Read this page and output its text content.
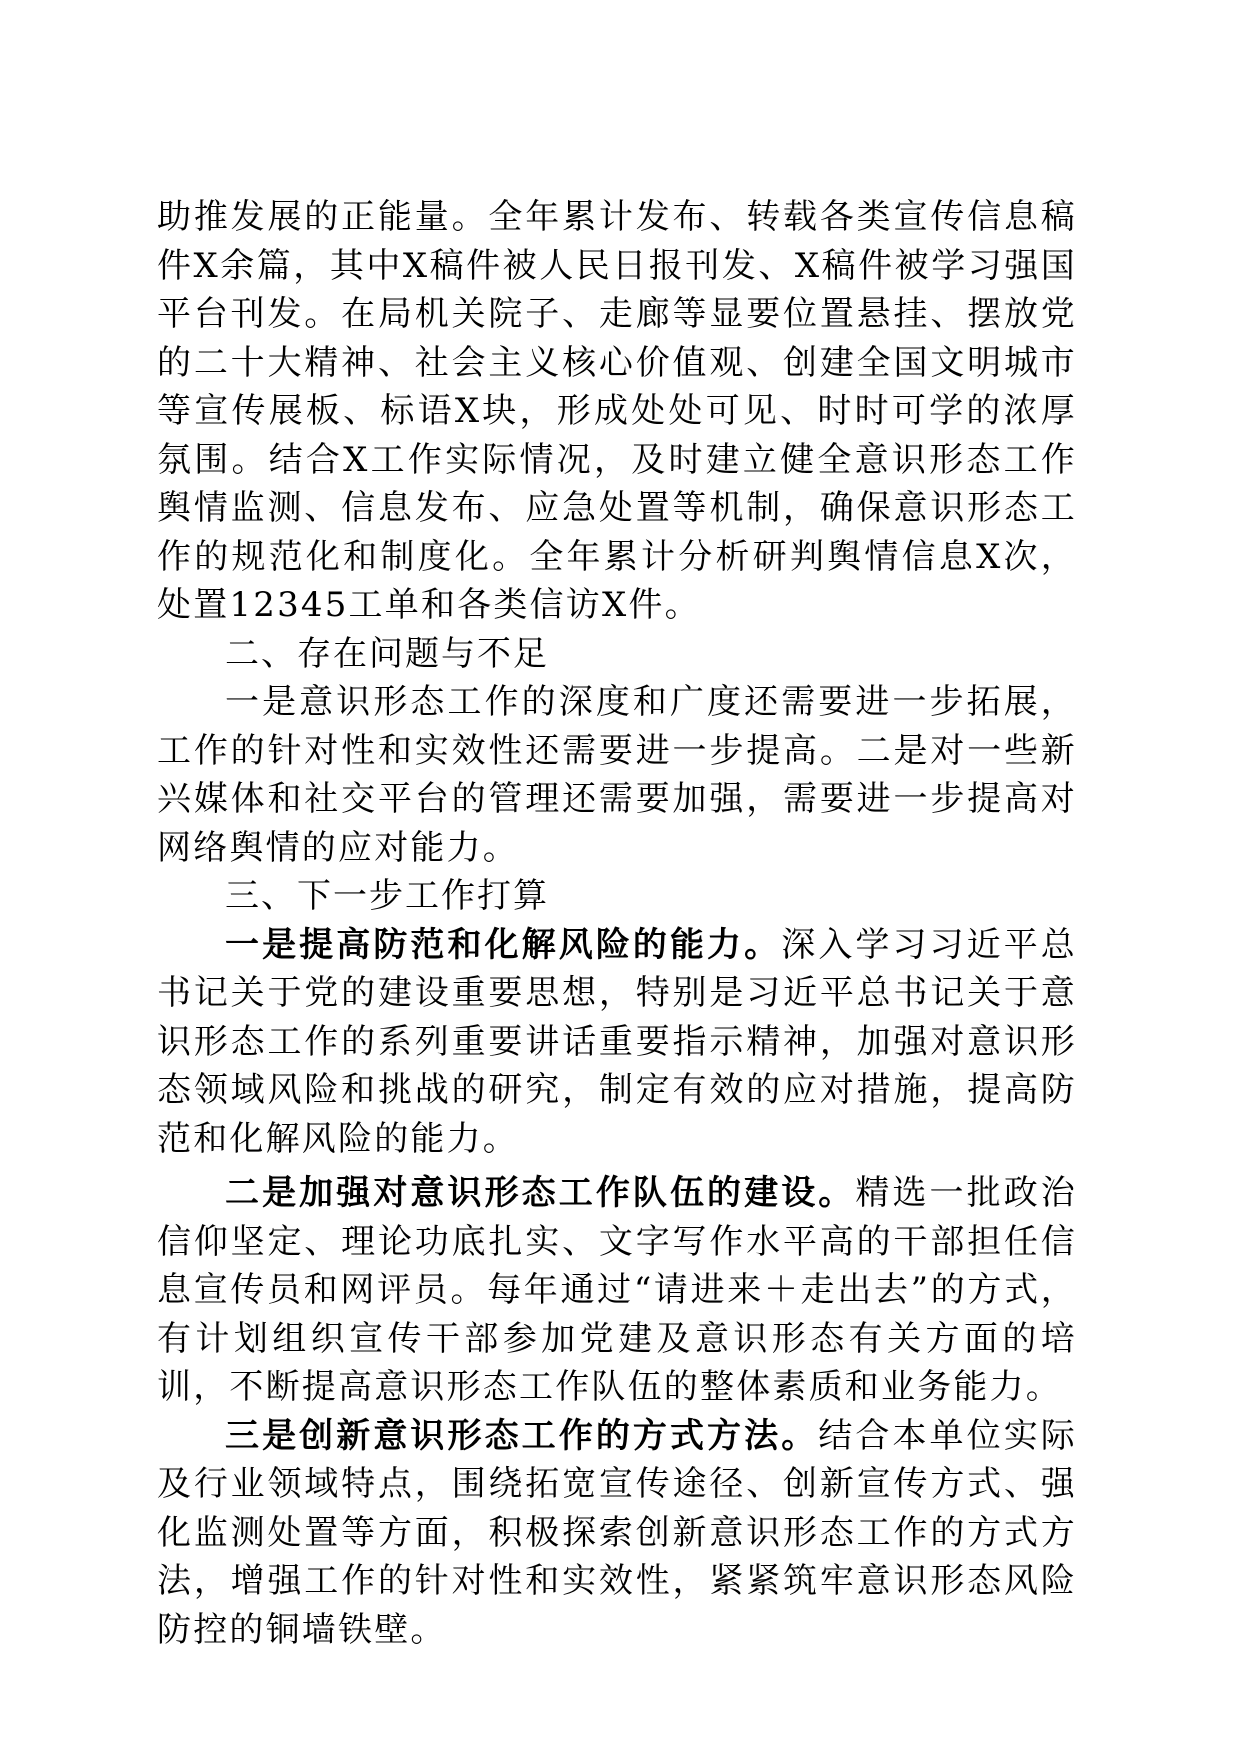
助推发展的正能量。全年累计发布、转载各类宣传信息稿件X余篇，其中X稿件被人民日报刊发、X稿件被学习强国平台刊发。在局机关院子、走廊等显要位置悬挂、摆放党的二十大精神、社会主义核心价值观、创建全国文明城市等宣传展板、标语X块，形成处处可见、时时可学的浓厚氛围。结合X工作实际情况，及时建立健全意识形态工作舆情监测、信息发布、应急处置等机制，确保意识形态工作的规范化和制度化。全年累计分析研判舆情信息X次，处置12345工单和各类信访X件。

二、存在问题与不足

一是意识形态工作的深度和广度还需要进一步拓展，工作的针对性和实效性还需要进一步提高。二是对一些新兴媒体和社交平台的管理还需要加强，需要进一步提高对网络舆情的应对能力。

三、下一步工作打算

一是提高防范和化解风险的能力。深入学习习近平总书记关于党的建设重要思想，特别是习近平总书记关于意识形态工作的系列重要讲话重要指示精神，加强对意识形态领域风险和挑战的研究，制定有效的应对措施，提高防范和化解风险的能力。

二是加强对意识形态工作队伍的建设。精选一批政治信仰坚定、理论功底扎实、文字写作水平高的干部担任信息宣传员和网评员。每年通过“请进来＋走出去”的方式，有计划组织宣传干部参加党建及意识形态有关方面的培训，不断提高意识形态工作队伍的整体素质和业务能力。

三是创新意识形态工作的方式方法。结合本单位实际及行业领域特点，围绕拓宽宣传途径、创新宣传方式、强化监测处置等方面，积极探索创新意识形态工作的方式方法，增强工作的针对性和实效性，紧紧筑牢意识形态风险防控的铜墙铁壁。
